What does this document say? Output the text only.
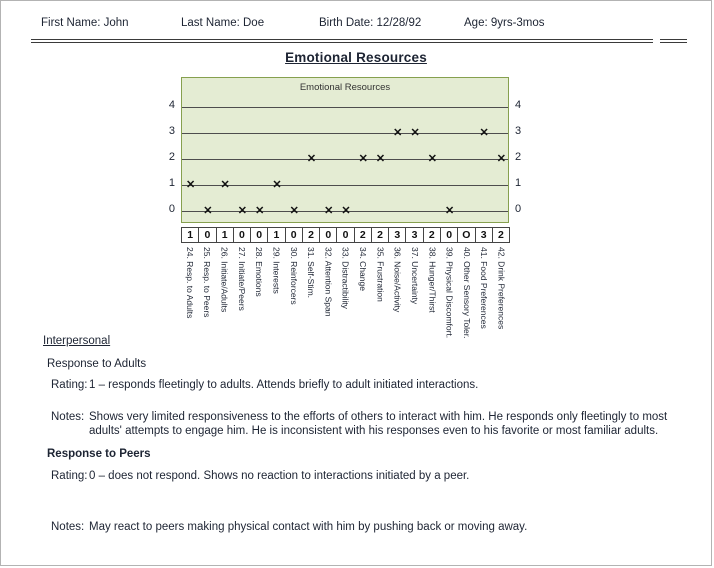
First Name: John	Last Name: Doe	Birth Date: 12/28/92	Age: 9yrs-3mos
Emotional Resources
4
3
2
1
0
Emotional Resources
✕
✕
✕
✕ ✕
✕
✕
✕
✕ ✕
✕ ✕
✕ ✕
✕
✕
✕
✕
4
3
2
1
0
1	0	1	0	0	1	0	2	0	0	2	2	3	3	2	0 O 3	2
24. Resp. to Adults 25. Resp. to Peers 26. Initiate/Adults 27. Initiate/Peers 28. Emotions 29. Interests 30. Reinforcers 31. Self-Stim. 32. Attention Span 33. Distractibility 34. Change 35. Frustration 36. Noise/Activity 37. Uncertainty 38. Hunger/Thirst 39. Physical Discomfort. 40. Other Sensory Toler. 41. Food Preferences 42. Drink Preferences
Interpersonal
Response to Adults
Rating: 1 – responds fleetingly to adults. Attends briefly to adult initiated interactions.
Notes: Shows very limited responsiveness to the efforts of others to interact with him. He responds only fleetingly to most adults' attempts to engage him. He is inconsistent with his responses even to his favorite or most familiar adults.
Response to Peers
Rating: 0 – does not respond. Shows no reaction to interactions initiated by a peer.
Notes: May react to peers making physical contact with him by pushing back or moving away.
